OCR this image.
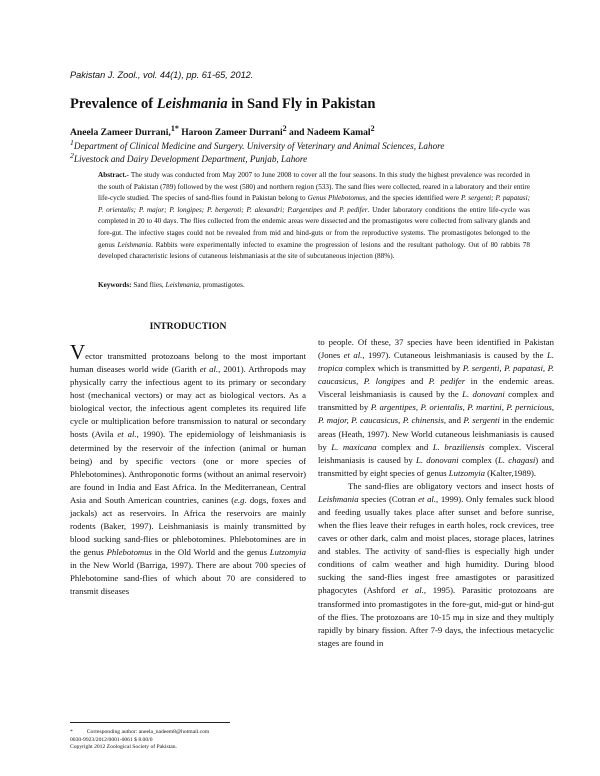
Pakistan J. Zool., vol. 44(1), pp. 61-65, 2012.
Prevalence of Leishmania in Sand Fly in Pakistan
Aneela Zameer Durrani,$^{1*}$ Haroon Zameer Durrani$^2$ and Nadeem Kamal$^2$
$^1$Department of Clinical Medicine and Surgery. University of Veterinary and Animal Sciences, Lahore
$^2$Livestock and Dairy Development Department, Punjab, Lahore
Abstract.- The study was conducted from May 2007 to June 2008 to cover all the four seasons. In this study the highest prevalence was recorded in the south of Pakistan (789) followed by the west (580) and northern region (533). The sand flies were collected, reared in a laboratory and their entire life-cycle studied. The species of sand-flies found in Pakistan belong to Genus Phlebotomus, and the species identified were P. sergenti; P. papatasi; P. orientalis; P. major; P. longipes; P. bergeroti; P. alexandri; P.argentipes and P. pedifer. Under laboratory conditions the entire life-cycle was completed in 20 to 40 days. The flies collected from the endemic areas were dissected and the promastigotes were collected from salivary glands and fore-gut. The infective stages could not be revealed from mid and hind-guts or from the reproductive systems. The promastigotes belonged to the genus Leishmania. Rabbits were experimentally infected to examine the progression of lesions and the resultant pathology. Out of 80 rabbits 78 developed characteristic lesions of cutaneous leishmaniasis at the site of subcutaneous injection (88%).
Keywords: Sand flies, Leishmania, promastigotes.
INTRODUCTION

Vector transmitted protozoans belong to the most important human diseases world wide (Garith et al., 2001). Arthropods may physically carry the infectious agent to its primary or secondary host (mechanical vectors) or may act as biological vectors. As a biological vector, the infectious agent completes its required life cycle or multiplication before transmission to natural or secondary hosts (Avila et al., 1990). The epidemiology of leishmaniasis is determined by the reservoir of the infection (animal or human being) and by specific vectors (one or more species of Phlebotomines). Anthroponotic forms (without an animal reservoir) are found in India and East Africa. In the Mediterranean, Central Asia and South American countries, canines (e.g. dogs, foxes and jackals) act as reservoirs. In Africa the reservoirs are mainly rodents (Baker, 1997). Leishmaniasis is mainly transmitted by blood sucking sand-flies or phlebotomines. Phlebotomines are in the genus Phlebotomus in the Old World and the genus Lutzomyia in the New World (Barriga, 1997). There are about 700 species of Phlebotomine sand-flies of which about 70 are considered to transmit diseases

to people. Of these, 37 species have been identified in Pakistan (Jones et al., 1997). Cutaneous leishmaniasis is caused by the L. tropica complex which is transmitted by P. sergenti, P. papatasi, P. caucasicus, P. longipes and P. pedifer in the endemic areas. Visceral leishmaniasis is caused by the L. donovani complex and transmitted by P. argentipes, P. orientalis, P. martini, P. pernicious, P. major, P. caucasicus, P. chinensis, and P. sergenti in the endemic areas (Heath, 1997). New World cutaneous leishmaniasis is caused by L. maxicana complex and L. braziliensis complex. Visceral leishmaniasis is caused by L. donovani complex (L. chagasi) and transmitted by eight species of genus Lutzomyia (Kalter,1989).

The sand-flies are obligatory vectors and insect hosts of Leishmania species (Cotran et al., 1999). Only females suck blood and feeding usually takes place after sunset and before sunrise, when the flies leave their refuges in earth holes, rock crevices, tree caves or other dark, calm and moist places, storage places, latrines and stables. The activity of sand-flies is especially high under conditions of calm weather and high humidity. During blood sucking the sand-flies ingest free amastigotes or parasitized phagocytes (Ashford et al., 1995). Parasitic protozoans are transformed into promastigotes in the fore-gut, mid-gut or hind-gut of the flies. The protozoans are 10-15 mμ in size and they multiply rapidly by binary fission. After 7-9 days, the infectious metacyclic stages are found in

*	Corresponding author: aneela_nadeem8@hotmail.com
0030-9923/2012/0001-0061 $ 8.00/0
Copyright 2012 Zoological Society of Pakistan.
